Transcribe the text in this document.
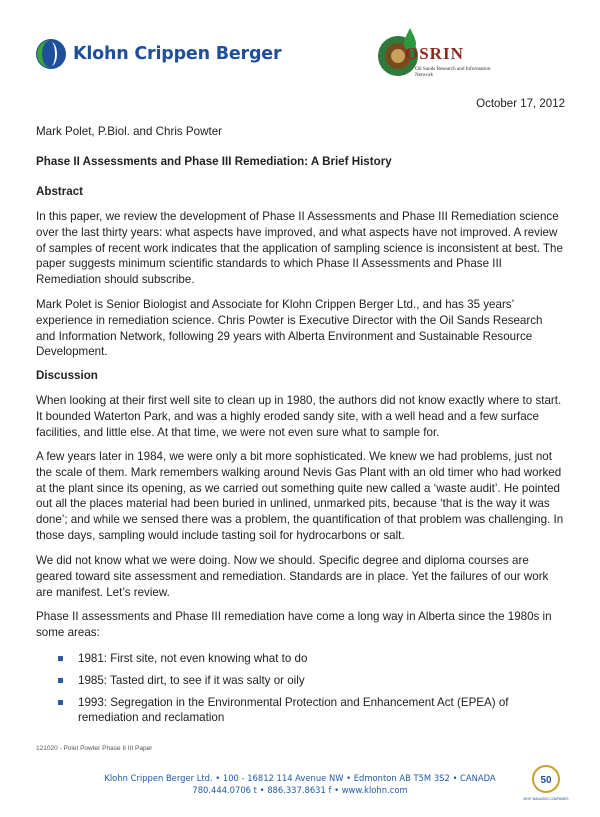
Klohn Crippen Berger	OSRIN
Oil Sands Research and Information Network
October 17, 2012
Mark Polet, P.Biol. and Chris Powter
Phase II Assessments and Phase III Remediation: A Brief History
Abstract
In this paper, we review the development of Phase II Assessments and Phase III Remediation science over the last thirty years: what aspects have improved, and what aspects have not improved. A review of samples of recent work indicates that the application of sampling science is inconsistent at best. The paper suggests minimum scientific standards to which Phase II Assessments and Phase III Remediation should subscribe.
Mark Polet is Senior Biologist and Associate for Klohn Crippen Berger Ltd., and has 35 years’ experience in remediation science. Chris Powter is Executive Director with the Oil Sands Research and Information Network, following 29 years with Alberta Environment and Sustainable Resource Development.
Discussion
When looking at their first well site to clean up in 1980, the authors did not know exactly where to start. It bounded Waterton Park, and was a highly eroded sandy site, with a well head and a few surface facilities, and little else. At that time, we were not even sure what to sample for.
A few years later in 1984, we were only a bit more sophisticated. We knew we had problems, just not the scale of them. Mark remembers walking around Nevis Gas Plant with an old timer who had worked at the plant since its opening, as we carried out something quite new called a ‘waste audit’. He pointed out all the places material had been buried in unlined, unmarked pits, because ‘that is the way it was done’; and while we sensed there was a problem, the quantification of that problem was challenging. In those days, sampling would include tasting soil for hydrocarbons or salt.
We did not know what we were doing. Now we should. Specific degree and diploma courses are geared toward site assessment and remediation. Standards are in place. Yet the failures of our work are manifest. Let’s review.
Phase II assessments and Phase III remediation have come a long way in Alberta since the 1980s in some areas:
1981: First site, not even knowing what to do
1985: Tasted dirt, to see if it was salty or oily
1993: Segregation in the Environmental Protection and Enhancement Act (EPEA) of remediation and reclamation
121020 - Polet Powter Phase II III Paper
Klohn Crippen Berger Ltd. • 100 - 16812 114 Avenue NW • Edmonton AB T5M 3S2 • CANADA
780.444.0706 t • 886.337.8631 f • www.klohn.com
50
BEST MANAGED COMPANIES
